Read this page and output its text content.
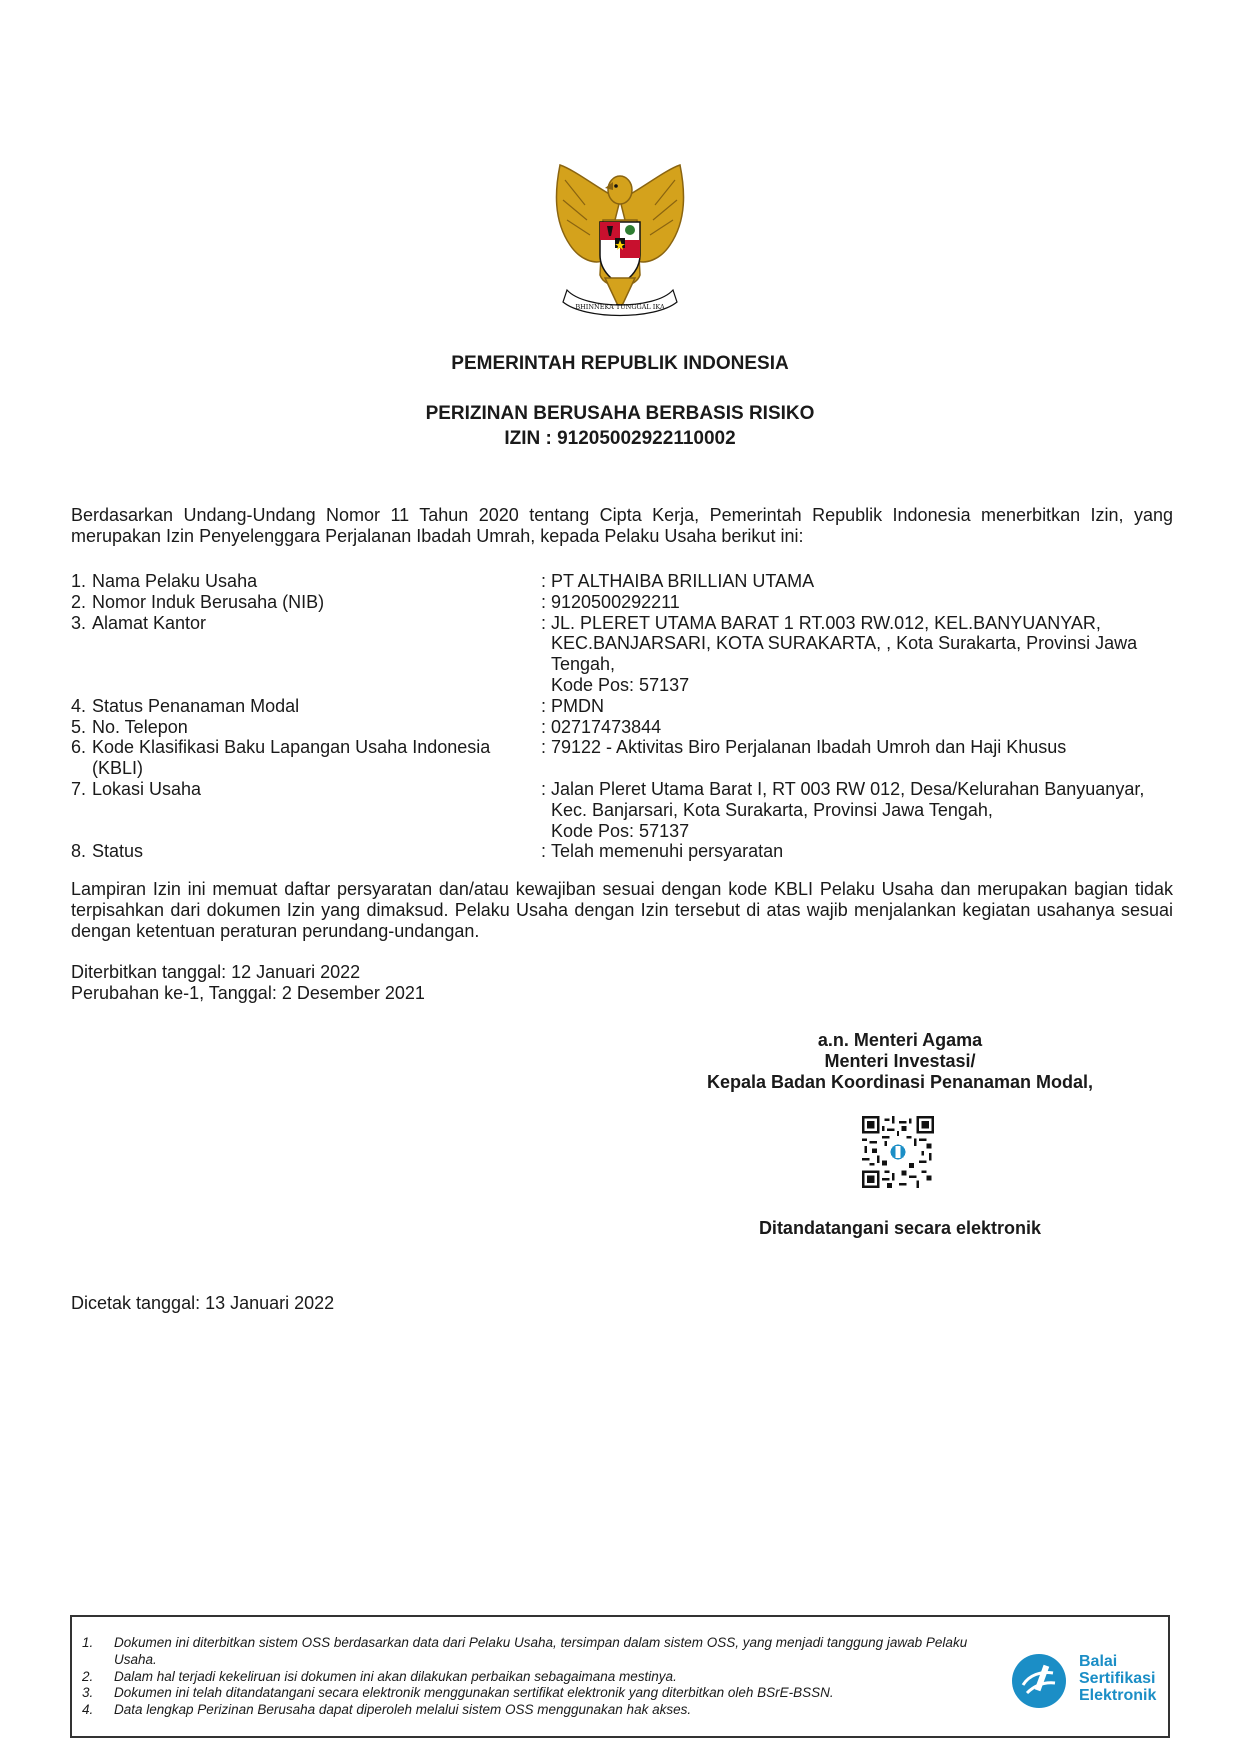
BHINNEKA TUNGGAL IKA
PEMERINTAH REPUBLIK INDONESIA
PERIZINAN BERUSAHA BERBASIS RISIKO
IZIN : 91205002922110002
Berdasarkan Undang-Undang Nomor 11 Tahun 2020 tentang Cipta Kerja, Pemerintah Republik Indonesia menerbitkan Izin, yang merupakan Izin Penyelenggara Perjalanan Ibadah Umrah, kepada Pelaku Usaha berikut ini:
1. Nama Pelaku Usaha	: PT ALTHAIBA BRILLIAN UTAMA
2. Nomor Induk Berusaha (NIB)	: 9120500292211
3. Alamat Kantor	: JL. PLERET UTAMA BARAT 1 RT.003 RW.012, KEL.BANYUANYAR, KEC.BANJARSARI, KOTA SURAKARTA, , Kota Surakarta, Provinsi Jawa Tengah,
Kode Pos: 57137
4. Status Penanaman Modal	: PMDN
5. No. Telepon	: 02717473844
6. Kode Klasifikasi Baku Lapangan Usaha Indonesia (KBLI)
: 79122 - Aktivitas Biro Perjalanan Ibadah Umroh dan Haji Khusus
7. Lokasi Usaha	: Jalan Pleret Utama Barat I, RT 003 RW 012, Desa/Kelurahan Banyuanyar, Kec. Banjarsari, Kota Surakarta, Provinsi Jawa Tengah,
Kode Pos: 57137
8. Status	: Telah memenuhi persyaratan
Lampiran Izin ini memuat daftar persyaratan dan/atau kewajiban sesuai dengan kode KBLI Pelaku Usaha dan merupakan bagian tidak terpisahkan dari dokumen Izin yang dimaksud. Pelaku Usaha dengan Izin tersebut di atas wajib menjalankan kegiatan usahanya sesuai dengan ketentuan peraturan perundang-undangan.
Diterbitkan tanggal: 12 Januari 2022
Perubahan ke-1, Tanggal: 2 Desember 2021
a.n. Menteri Agama
Menteri Investasi/
Kepala Badan Koordinasi Penanaman Modal,
Ditandatangani secara elektronik
Dicetak tanggal: 13 Januari 2022
1.	Dokumen ini diterbitkan sistem OSS berdasarkan data dari Pelaku Usaha, tersimpan dalam sistem OSS, yang menjadi tanggung jawab Pelaku Usaha.
2.	Dalam hal terjadi kekeliruan isi dokumen ini akan dilakukan perbaikan sebagaimana mestinya.
3.	Dokumen ini telah ditandatangani secara elektronik menggunakan sertifikat elektronik yang diterbitkan oleh BSrE-BSSN.
4.	Data lengkap Perizinan Berusaha dapat diperoleh melalui sistem OSS menggunakan hak akses.
Balai
Sertifikasi
Elektronik
